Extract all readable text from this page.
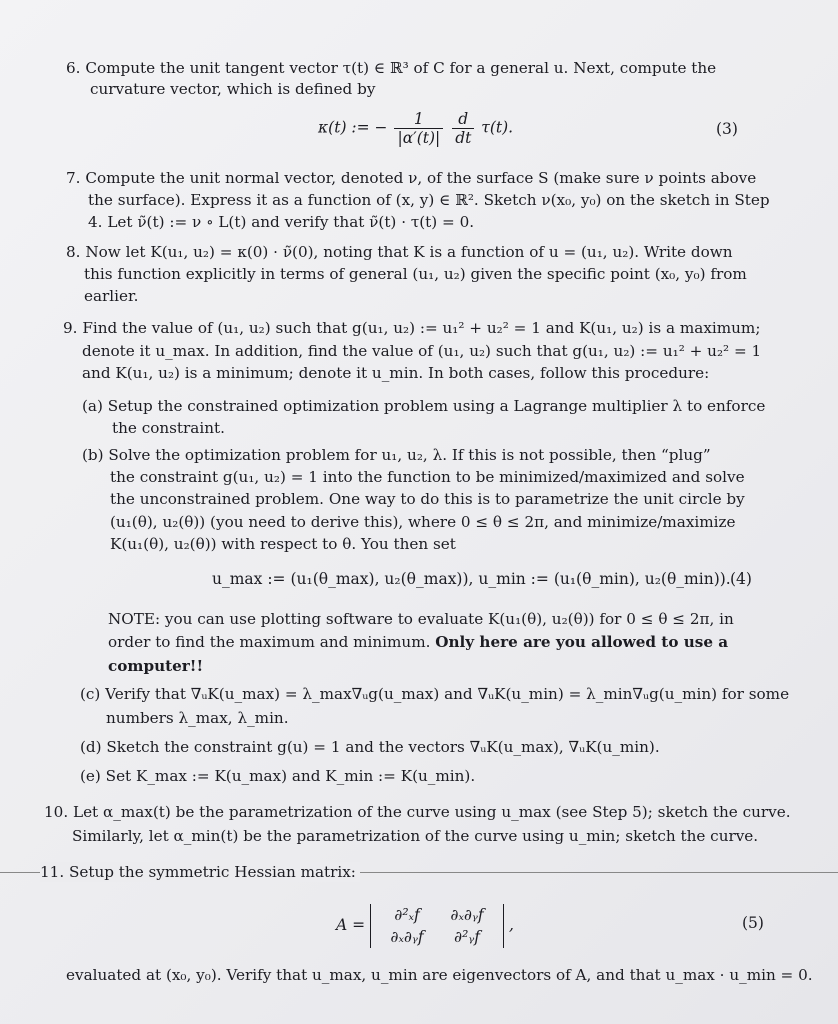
6. Compute the unit tangent vector τ(t) ∈ ℝ³ of C for a general u. Next, compute the
curvature vector, which is defined by
κ(t) := − $\frac{1}{|\alpha'(t)|}$
$\frac{d}{dt} \tau(t)$.	(3)
7. Compute the unit normal vector, denoted ν, of the surface S (make sure ν points above
the surface). Express it as a function of (x, y) ∈ ℝ². Sketch ν(x₀, y₀) on the sketch in Step
4. Let ν̃(t) := ν ∘ L(t) and verify that ν̃(t) · τ(t) = 0.
8. Now let K(u₁, u₂) = κ(0) · ν̃(0), noting that K is a function of u = (u₁, u₂). Write down
this function explicitly in terms of general (u₁, u₂) given the specific point (x₀, y₀) from
earlier.
9. Find the value of (u₁, u₂) such that g(u₁, u₂) := u₁² + u₂² = 1 and K(u₁, u₂) is a maximum;
denote it u_max. In addition, find the value of (u₁, u₂) such that g(u₁, u₂) := u₁² + u₂² = 1
and K(u₁, u₂) is a minimum; denote it u_min. In both cases, follow this procedure:
(a) Setup the constrained optimization problem using a Lagrange multiplier λ to enforce
the constraint.
(b) Solve the optimization problem for u₁, u₂, λ. If this is not possible, then “plug”
the constraint g(u₁, u₂) = 1 into the function to be minimized/maximized and solve
the unconstrained problem. One way to do this is to parametrize the unit circle by
(u₁(θ), u₂(θ)) (you need to derive this), where 0 ≤ θ ≤ 2π, and minimize/maximize
K(u₁(θ), u₂(θ)) with respect to θ. You then set
u_max := (u₁(θ_max), u₂(θ_max)), u_min := (u₁(θ_min), u₂(θ_min)). (4)
NOTE: you can use plotting software to evaluate K(u₁(θ), u₂(θ)) for 0 ≤ θ ≤ 2π, in
order to find the maximum and minimum. Only here are you allowed to use a
computer!!
(c) Verify that ∇ᵤK(u_max) = λ_max∇ᵤg(u_max) and ∇ᵤK(u_min) = λ_min∇ᵤg(u_min) for some
numbers λ_max, λ_min.
(d) Sketch the constraint g(u) = 1 and the vectors ∇ᵤK(u_max), ∇ᵤK(u_min).
(e) Set K_max := K(u_max) and K_min := K(u_min).
10. Let α_max(t) be the parametrization of the curve using u_max (see Step 5); sketch the curve.
Similarly, let α_min(t) be the parametrization of the curve using u_min; sketch the curve.
11. Setup the symmetric Hessian matrix:
A =
∂²ₓf ∂ₓ∂ᵧf
∂ₓ∂ᵧf ∂²ᵧf
,	(5)
evaluated at (x₀, y₀). Verify that u_max, u_min are eigenvectors of A, and that u_max · u_min = 0.
